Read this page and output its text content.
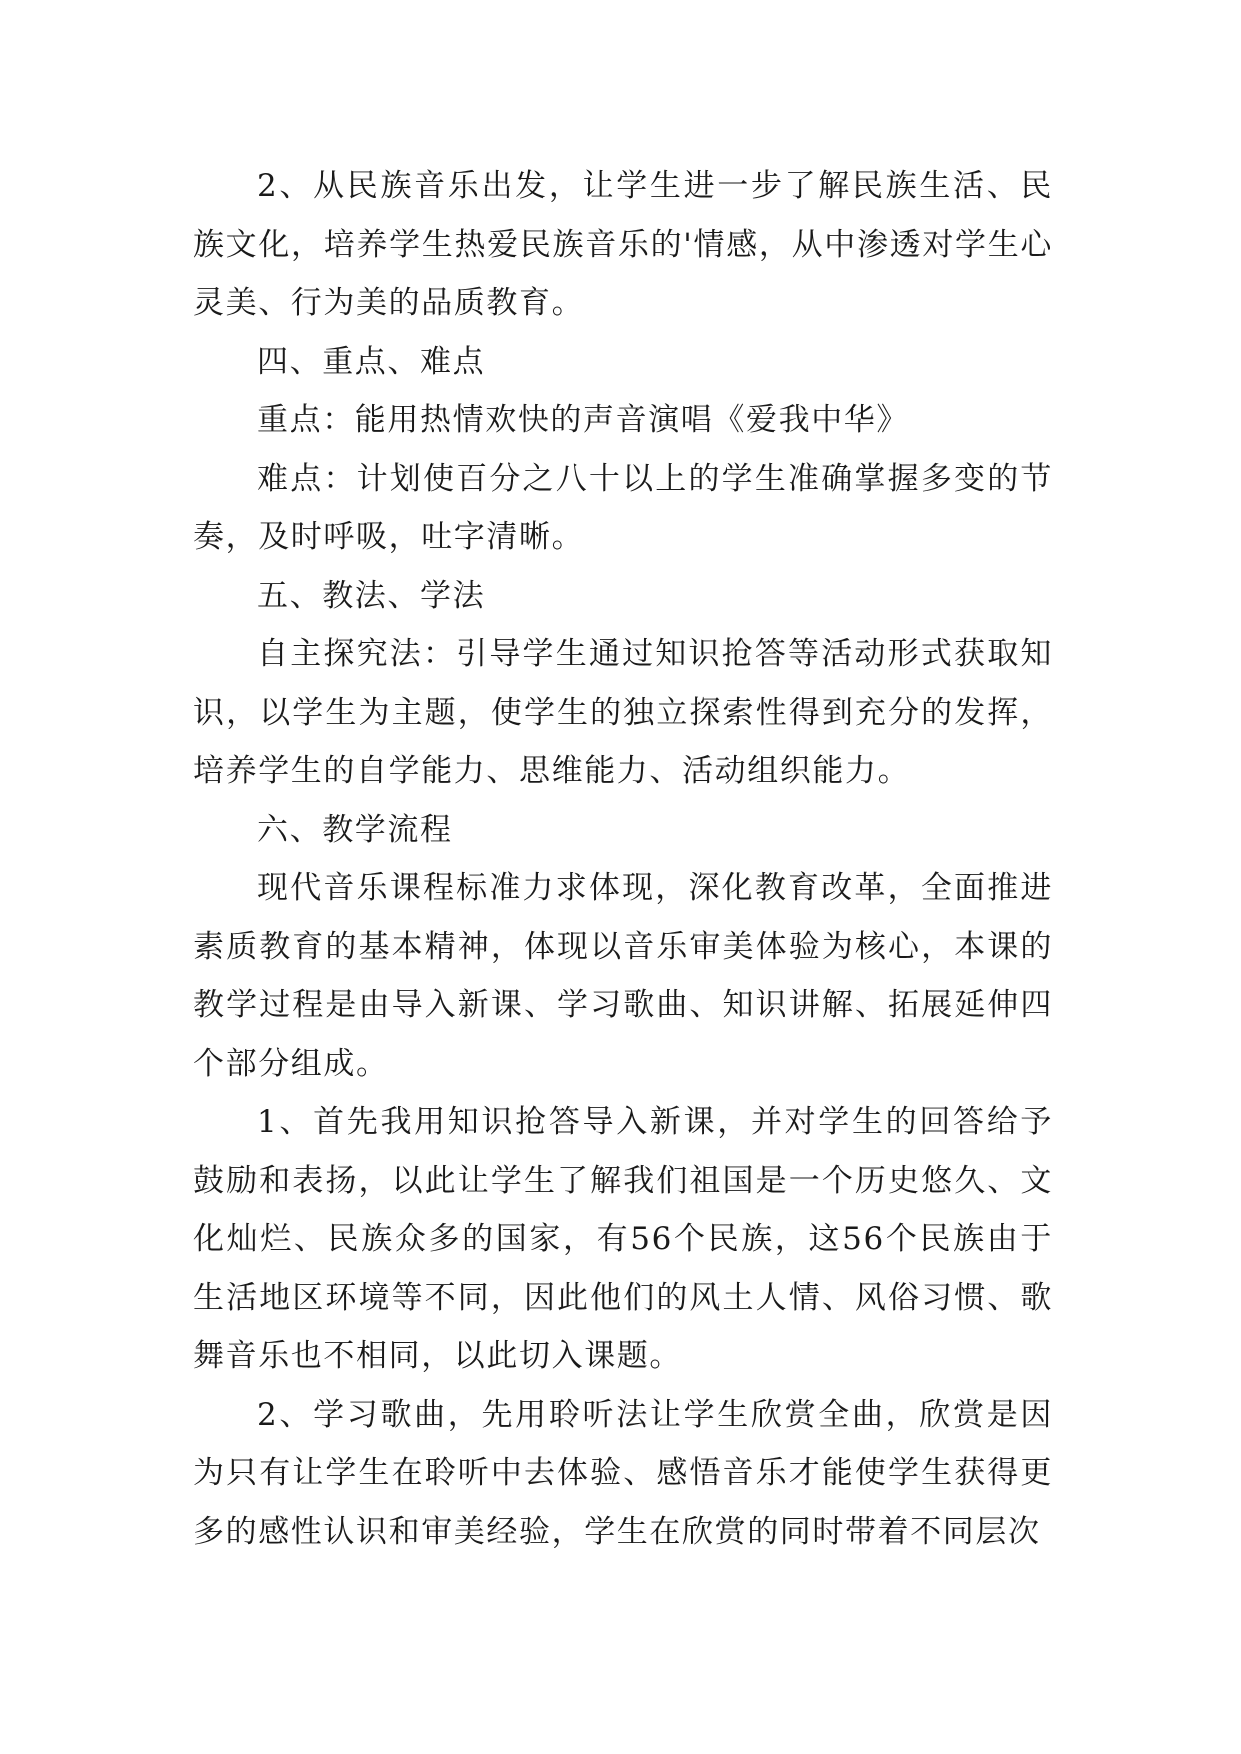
2、从民族音乐出发，让学生进一步了解民族生活、民族文化，培养学生热爱民族音乐的'情感，从中渗透对学生心灵美、行为美的品质教育。

四、重点、难点

重点：能用热情欢快的声音演唱《爱我中华》

难点：计划使百分之八十以上的学生准确掌握多变的节奏，及时呼吸，吐字清晰。

五、教法、学法

自主探究法：引导学生通过知识抢答等活动形式获取知识，以学生为主题，使学生的独立探索性得到充分的发挥，培养学生的自学能力、思维能力、活动组织能力。

六、教学流程

现代音乐课程标准力求体现，深化教育改革，全面推进素质教育的基本精神，体现以音乐审美体验为核心，本课的教学过程是由导入新课、学习歌曲、知识讲解、拓展延伸四个部分组成。

1、首先我用知识抢答导入新课，并对学生的回答给予鼓励和表扬，以此让学生了解我们祖国是一个历史悠久、文化灿烂、民族众多的国家，有56个民族，这56个民族由于生活地区环境等不同，因此他们的风土人情、风俗习惯、歌舞音乐也不相同，以此切入课题。

2、学习歌曲，先用聆听法让学生欣赏全曲，欣赏是因为只有让学生在聆听中去体验、感悟音乐才能使学生获得更多的感性认识和审美经验，学生在欣赏的同时带着不同层次
